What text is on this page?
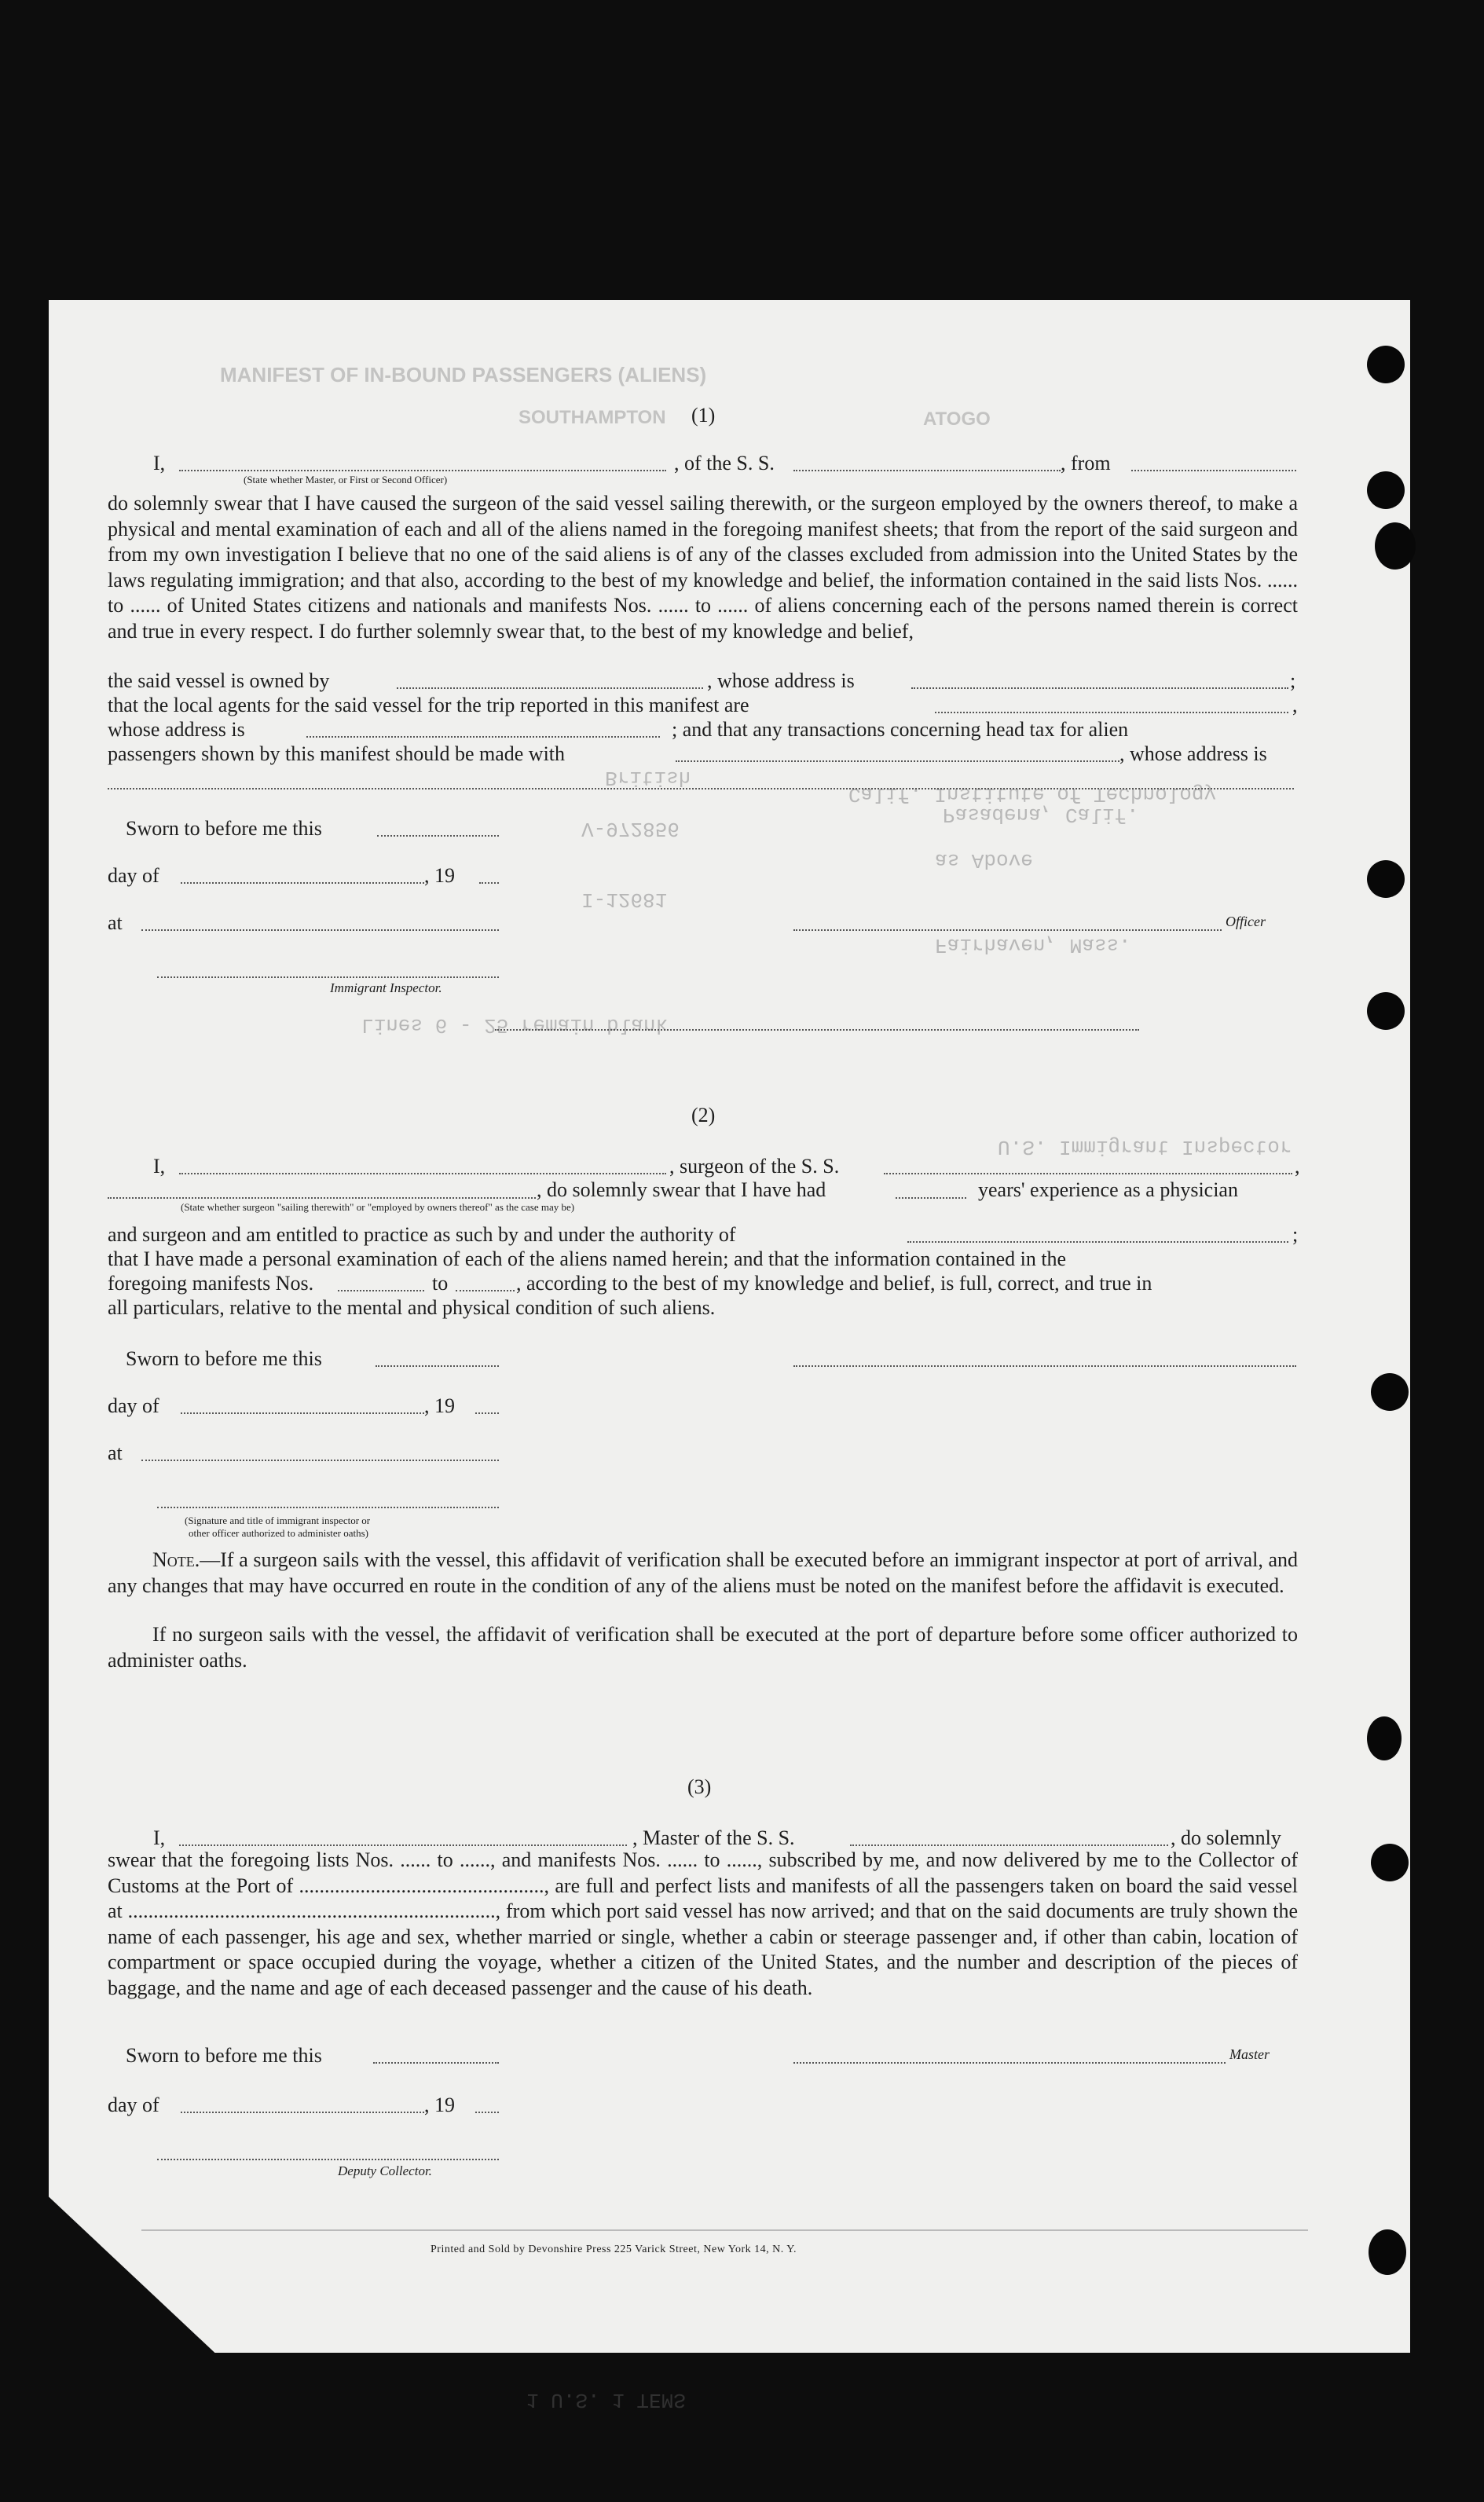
MANIFEST OF IN-BOUND PASSENGERS (ALIENS)
SOUTHAMPTON	ATOGO
British
Calif. Institute of Technology
Pasadena, Calif.
V-972856
as Above
I-12681
Fairhaven, Mass.
Lines 6 - 25 remain blank
U.S. Immigrant Inspector
1 U.S. 1 TEMS
(1)
I,	, of the S. S.	, from
(State whether Master, or First or Second Officer)
do solemnly swear that I have caused the surgeon of the said vessel sailing therewith, or the surgeon employed by the owners thereof, to make a physical and mental examination of each and all of the aliens named in the foregoing manifest sheets; that from the report of the said surgeon and from my own investigation I believe that no one of the said aliens is of any of the classes excluded from admission into the United States by the laws regulating immigration; and that also, according to the best of my knowledge and belief, the information contained in the said lists Nos. ...... to ...... of United States citizens and nationals and manifests Nos. ...... to ...... of aliens concerning each of the persons named therein is correct and true in every respect. I do further solemnly swear that, to the best of my knowledge and belief,
the said vessel is owned by	, whose address is	;
that the local agents for the said vessel for the trip reported in this manifest are	,
whose address is	; and that any transactions concerning head tax for alien
passengers shown by this manifest should be made with	, whose address is
Sworn to before me this
day of	, 19
at	Officer
Immigrant Inspector.
(2)
I,	, surgeon of the S. S.	,
, do solemnly swear that I have had	years' experience as a physician
(State whether surgeon "sailing therewith" or "employed by owners thereof" as the case may be)
and surgeon and am entitled to practice as such by and under the authority of	;
that I have made a personal examination of each of the aliens named herein; and that the information contained in the
foregoing manifests Nos.	to	, according to the best of my knowledge and belief, is full, correct, and true in
all particulars, relative to the mental and physical condition of such aliens.
Sworn to before me this
day of	, 19
at
(Signature and title of immigrant inspector or
other officer authorized to administer oaths)
Note.—If a surgeon sails with the vessel, this affidavit of verification shall be executed before an immigrant inspector at port of arrival, and any changes that may have occurred en route in the condition of any of the aliens must be noted on the manifest before the affidavit is executed.
If no surgeon sails with the vessel, the affidavit of verification shall be executed at the port of departure before some officer authorized to administer oaths.
(3)
I,	, Master of the S. S.	, do solemnly
swear that the foregoing lists Nos. ...... to ......, and manifests Nos. ...... to ......, subscribed by me, and now delivered by me to the Collector of Customs at the Port of ................................................, are full and perfect lists and manifests of all the passengers taken on board the said vessel at ........................................................................, from which port said vessel has now arrived; and that on the said documents are truly shown the name of each passenger, his age and sex, whether married or single, whether a cabin or steerage passenger and, if other than cabin, location of compartment or space occupied during the voyage, whether a citizen of the United States, and the number and description of the pieces of baggage, and the name and age of each deceased passenger and the cause of his death.
Sworn to before me this	Master
day of	, 19
Deputy Collector.
Printed and Sold by Devonshire Press 225 Varick Street, New York 14, N. Y.
